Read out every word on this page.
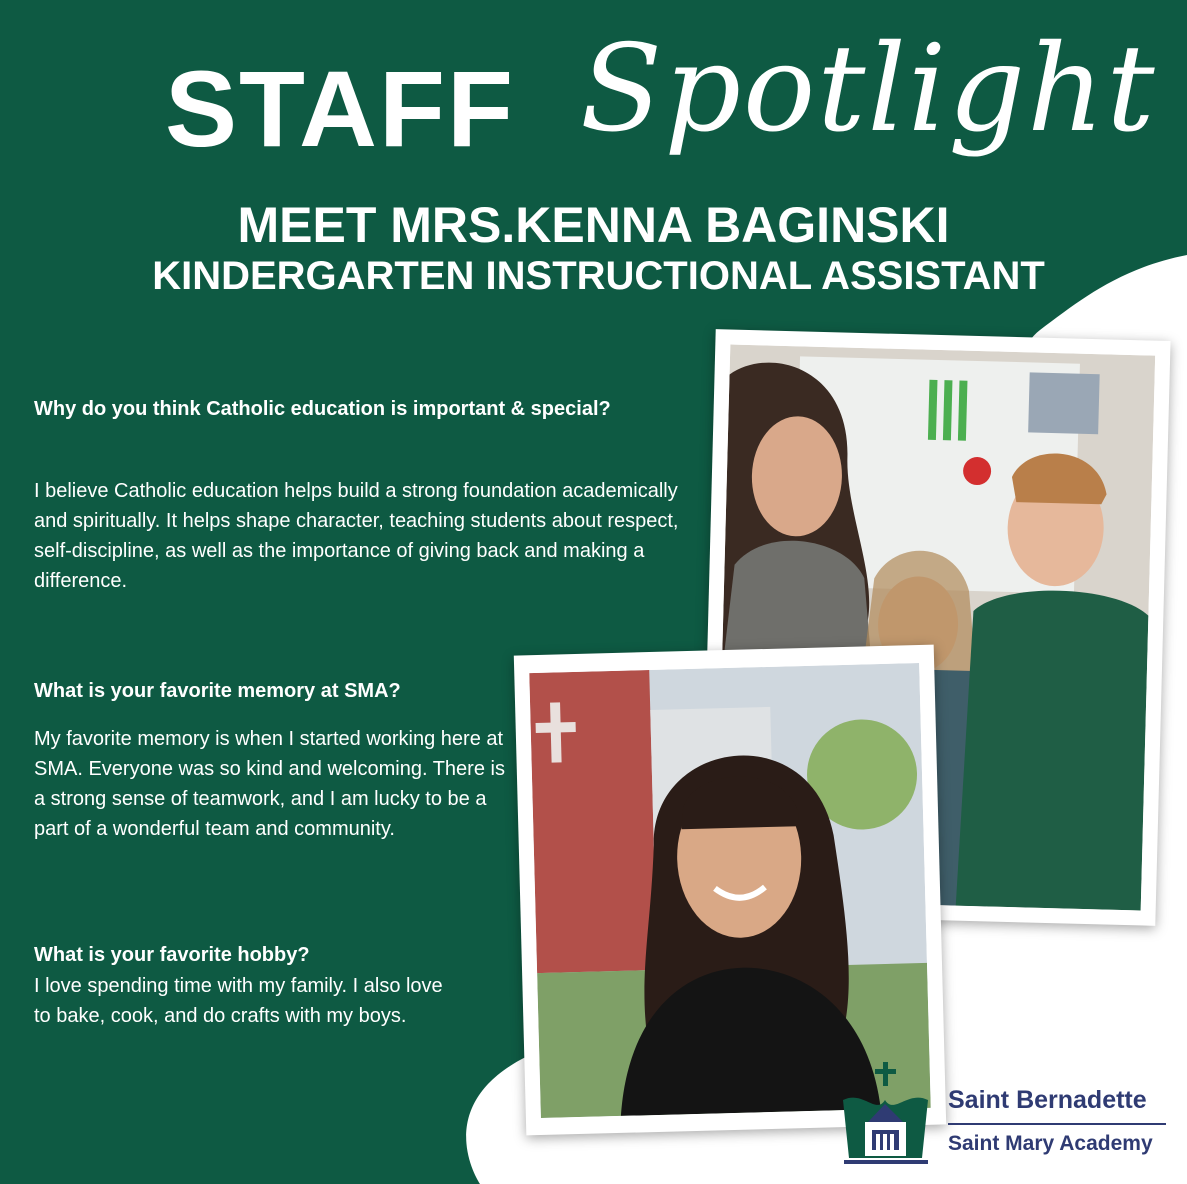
STAFF Spotlight
MEET MRS.KENNA BAGINSKI
KINDERGARTEN INSTRUCTIONAL ASSISTANT

Why do you think Catholic education is important & special?

I believe Catholic education helps build a strong foundation academically and spiritually. It helps shape character, teaching students about respect, self-discipline, as well as the importance of giving back and making a difference.

What is your favorite memory at SMA?

My favorite memory is when I started working here at SMA. Everyone was so kind and welcoming. There is a strong sense of teamwork, and I am lucky to be a part of a wonderful team and community.

What is your favorite hobby?

I love spending time with my family. I also love to bake, cook, and do crafts with my boys.

Saint Bernadette
Saint Mary Academy
